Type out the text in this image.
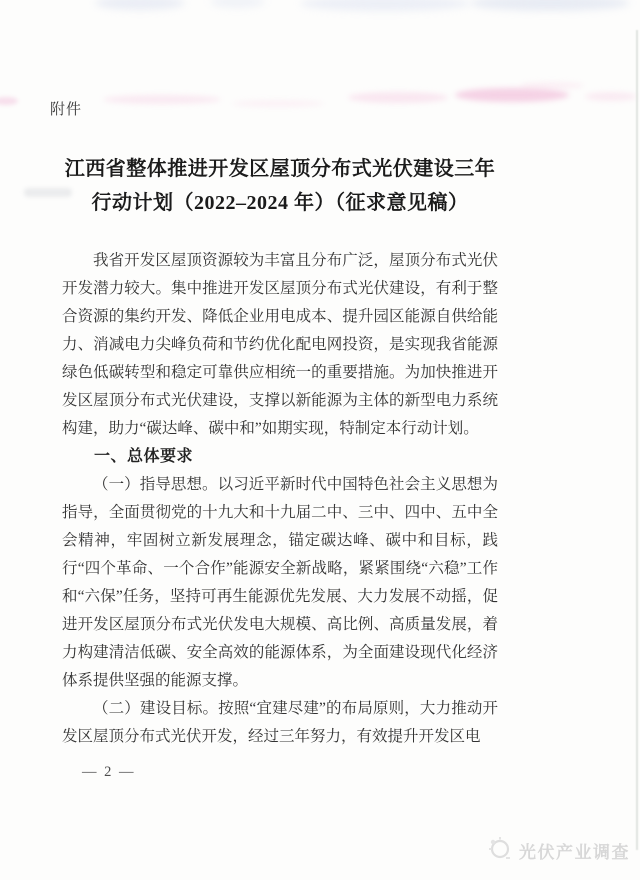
附件
江西省整体推进开发区屋顶分布式光伏建设三年
行动计划（2022–2024 年）（征求意见稿）
我省开发区屋顶资源较为丰富且分布广泛，屋顶分布式光伏开发潜力较大。集中推进开发区屋顶分布式光伏建设，有利于整合资源的集约开发、降低企业用电成本、提升园区能源自供给能力、消减电力尖峰负荷和节约优化配电网投资，是实现我省能源绿色低碳转型和稳定可靠供应相统一的重要措施。为加快推进开发区屋顶分布式光伏建设，支撑以新能源为主体的新型电力系统构建，助力“碳达峰、碳中和”如期实现，特制定本行动计划。
一、总体要求
（一）指导思想。以习近平新时代中国特色社会主义思想为指导，全面贯彻党的十九大和十九届二中、三中、四中、五中全会精神，牢固树立新发展理念，锚定碳达峰、碳中和目标，践行“四个革命、一个合作”能源安全新战略，紧紧围绕“六稳”工作和“六保”任务，坚持可再生能源优先发展、大力发展不动摇，促进开发区屋顶分布式光伏发电大规模、高比例、高质量发展，着力构建清洁低碳、安全高效的能源体系，为全面建设现代化经济体系提供坚强的能源支撑。
（二）建设目标。按照“宜建尽建”的布局原则，大力推动开发区屋顶分布式光伏开发，经过三年努力，有效提升开发区电
— 2 —
光伏产业调查
